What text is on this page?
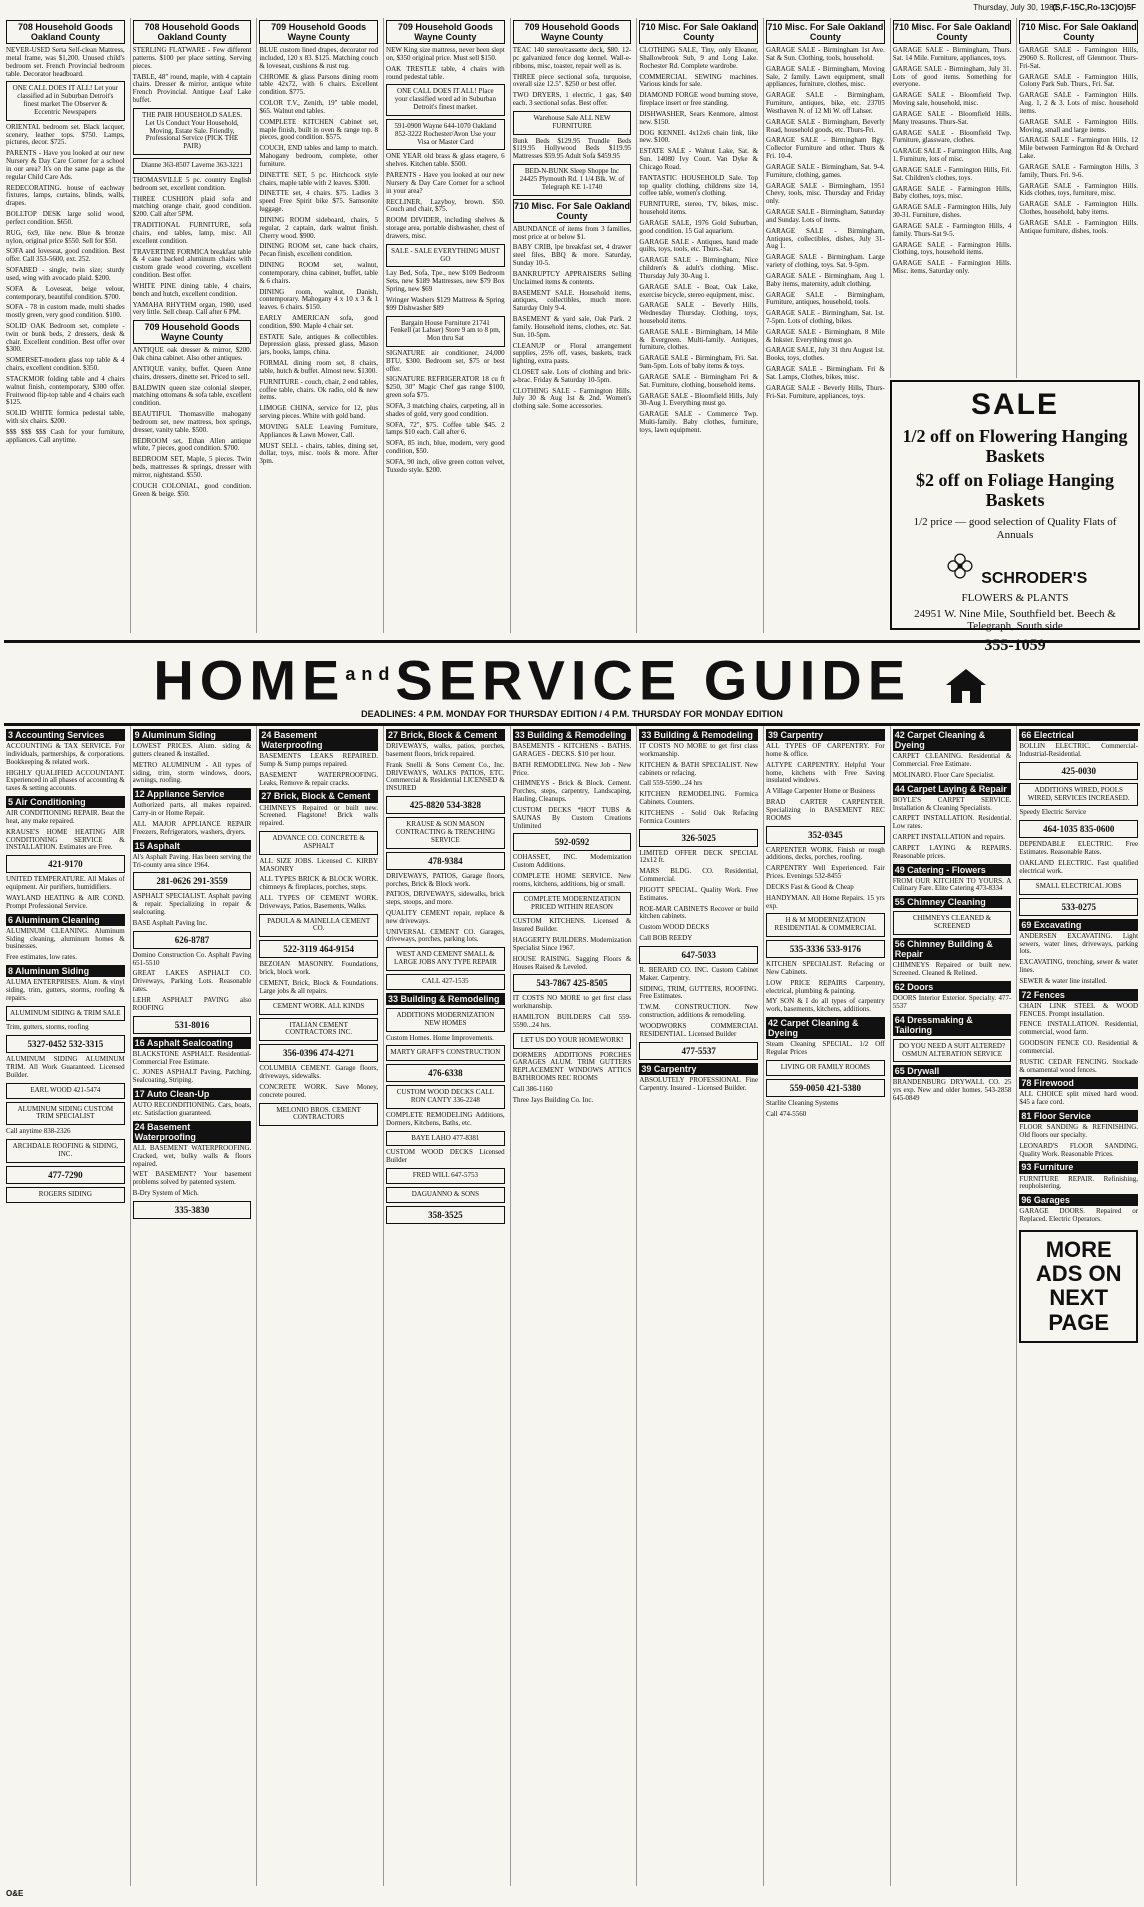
Thursday, July 30, 1981
(S,F-15C,Ro-13C)O)5F
708 Household Goods Oakland County
NEVER-USED Serta Self-clean Mattress, metal frame, was $1,200. Unused child's bedroom set. French Provincial bedroom table. Decorator headboard.
ONE CALL DOES IT ALL! Let your classified ad in Suburban Detroit's finest market The Observer & Eccentric Newspapers
ORIENTAL bedroom set. Black lacquer, scenery, leather tops. $750. Lamps, pictures, decor. $725.
PARENTS - Have you looked at our new Nursery & Day Care Corner for a school in our area? It's on the same page as the regular Child Care Ads.
REDECORATING. house of eachway fixtures, lamps, curtains, blinds, walls, drapes.
BOLLTOP DESK large solid wood, perfect condition. $650.
RUG, 6x9, like new. Blue & bronze nylon, original price $550. Sell for $50.
SOFA and loveseat, good condition. Best offer. Call 353-5600, ext. 252.
SOFABED - single, twin size; sturdy used, wing with avocado plaid. $200.
SOFA & Loveseat, beige velour, contemporary, beautiful condition. $700.
SOFA - 78 in custom made, multi shades mostly green, very good condition. $100.
SOLID OAK Bedroom set, complete - twin or bunk beds, 2 dressers, desk & chair. Excellent condition. Best offer over $300.
SOMERSET-modern glass top table & 4 chairs, excellent condition. $350.
STACKMOR folding table and 4 chairs walnut finish, contemporary, $300 offer. Fruitwood flip-top table and 4 chairs each $125.
SOLID WHITE formica pedestal table, with six chairs. $200.
$$$ $$$ $$$ Cash for your furniture, appliances. Call anytime.
708 Household Goods Oakland County
STERLING FLATWARE - Few different patterns. $100 per place setting. Serving pieces.
TABLE, 48" round, maple, with 4 captain chairs. Dresser & mirror, antique white French Provincial. Antique Leaf Lake buffet.
THE PAIR HOUSEHOLD SALES. Let Us Conduct Your Household, Moving, Estate Sale. Friendly, Professional Service (PICK THE PAIR)
Dianne 363-8507 Laverne 363-3221
THOMASVILLE 5 pc. country English bedroom set, excellent condition.
THREE CUSHION plaid sofa and matching orange chair, good condition. $200. Call after 5PM.
TRADITIONAL FURNITURE, sofa chairs, end tables, lamp, misc. All excellent condition.
TRAVERTINE FORMICA breakfast table & 4 cane backed aluminum chairs with custom grade wood covering, excellent condition. Best offer.
WHITE PINE dining table, 4 chairs, bench and hutch, excellent condition.
YAMAHA RHYTHM organ, 1980, used very little. Sell cheap. Call after 6 PM.
709 Household Goods Wayne County
ANTIQUE oak dresser & mirror, $200. Oak china cabinet. Also other antiques.
ANTIQUE vanity, buffet. Queen Anne chairs, dressers, dinette set. Priced to sell.
BALDWIN queen size colonial sleeper, matching ottomans & sofa table, excellent condition.
BEAUTIFUL Thomasville mahogany bedroom set, new mattress, box springs, dresser, vanity table. $500.
BEDROOM set, Ethan Allen antique white, 7 pieces, good condition. $700.
BEDROOM SET, Maple, 5 pieces. Twin beds, mattresses & springs, dresser with mirror, nightstand. $550.
COUCH COLONIAL, good condition. Green & beige. $50.
709 Household Goods Wayne County
BLUE custom lined drapes, decorator rod included, 120 x 83. $125. Matching couch & loveseat, cushions & rust rug.
CHROME & glass Parsons dining room table 42x72, with 6 chairs. Excellent condition. $775.
COLOR T.V., Zenith, 19" table model, $65. Walnut end tables.
COMPLETE KITCHEN Cabinet set, maple finish, built in oven & range top. 8 pieces, good condition. $575.
COUCH, END tables and lamp to match. Mahogany bedroom, complete, other furniture.
DINETTE SET, 5 pc. Hitchcock style chairs, maple table with 2 leaves. $300.
DINETTE set, 4 chairs. $75. Ladies 3 speed Free Spirit bike $75. Samsonite luggage.
DINING ROOM sideboard, chairs, 5 regular, 2 captain, dark walnut finish. Cherry wood. $900.
DINING ROOM set, cane back chairs, Pecan finish, excellent condition.
DINING ROOM set, walnut, contemporary, china cabinet, buffet, table & 6 chairs.
DINING room, walnut, Danish, contemporary. Mahogany 4 x 10 x 3 & 1 leaves. 6 chairs. $150.
EARLY AMERICAN sofa, good condition, $90. Maple 4 chair set.
ESTATE Sale, antiques & collectibles. Depression glass, pressed glass, Mason jars, books, lamps, china.
FORMAL dining room set, 8 chairs, table, hutch & buffet. Almost new. $1300.
FURNITURE - couch, chair, 2 end tables, coffee table, chairs. Ok radio, old & new items.
LIMOGE CHINA, service for 12, plus serving pieces. White with gold band.
MOVING SALE Leaving Furniture, Appliances & Lawn Mower, Call.
MUST SELL - chairs, tables, dining set, dollar, toys, misc. tools & more. After 3pm.
709 Household Goods Wayne County
NEW King size mattress, never been slept on, $350 original price. Must sell $150.
OAK TRESTLE table, 4 chairs with round pedestal table.
ONE CALL DOES IT ALL! Place your classified word ad in Suburban Detroit's finest market.
591-0900 Wayne 644-1070 Oakland 852-3222 Rochester/Avon Use your Visa or Master Card
ONE YEAR old brass & glass etagere, 6 shelves. Kitchen table. $500.
PARENTS - Have you looked at our new Nursery & Day Care Corner for a school in your area?
RECLINER, Lazyboy, brown. $50. Couch and chair, $75.
ROOM DIVIDER, including shelves & storage area, portable dishwasher, chest of drawers, misc.
SALE - SALE EVERYTHING MUST GO
Lay Bed, Sofa, Tpe., new $109 Bedroom Sets, new $189 Mattresses, new $79 Box Spring, new $69
Wringer Washers $129 Mattress & Spring $99 Dishwasher $89
Bargain House Furniture 21741 Fenkell (at Lahser) Store 9 am to 8 pm, Mon thru Sat
SIGNATURE air conditioner, 24,000 BTU, $300. Bedroom set, $75 or best offer.
SIGNATURE REFRIGERATOR 18 cu ft $250, 30" Magic Chef gas range $100, green sofa $75.
SOFA, 3 matching chairs, carpeting, all in shades of gold, very good condition.
SOFA, 72", $75. Coffee table $45. 2 lamps $10 each. Call after 6.
SOFA, 85 inch, blue, modern, very good condition, $50.
SOFA, 90 inch, olive green cotton velvet, Tuxedo style. $200.
709 Household Goods Wayne County
TEAC 140 stereo/cassette deck, $80. 12-pc galvanized fence dog kennel. Wall-e-ribbons, misc, toaster, repair well as is.
THREE piece sectional sofa, turquoise, overall size 12.5". $250 or best offer.
TWO DRYERS, 1 electric, 1 gas, $40 each. 3 sectional sofas. Best offer.
Warehouse Sale ALL NEW FURNITURE
Bunk Beds $129.95 Trundle Beds $119.95 Hollywood Beds $119.95 Mattresses $59.95 Adult Sofa $459.95
BED-N-BUNK Sleep Shoppe Inc 24425 Plymouth Rd. 1 1/4 Blk. W. of Telegraph KE 1-1740
710 Misc. For Sale Oakland County
ABUNDANCE of items from 3 families, most price at or below $1.
BABY CRIB, lpe breakfast set, 4 drawer steel files, BBQ & more. Saturday, Sunday 10-5.
BANKRUPTCY APPRAISERS Selling Unclaimed items & contents.
BASEMENT SALE. Household items, antiques, collectibles, much more. Saturday Only 9-4.
BASEMENT & yard sale, Oak Park. 2 family. Household items, clothes, etc. Sat. Sun. 10-5pm.
CLEANUP or Floral arrangement supplies, 25% off, vases, baskets, track lighting, extra pasts.
CLOSET sale. Lots of clothing and bric-a-brac. Friday & Saturday 10-5pm.
CLOTHING SALE - Farmington Hills. July 30 & Aug 1st & 2nd. Women's clothing sale. Some accessories.
710 Misc. For Sale Oakland County
CLOTHING SALE, Tiny, only Eleanor, Shallowbrook Sub, 9 and Long Lake. Rochester Rd. Complete wardrobe.
COMMERCIAL SEWING machines. Various kinds for sale.
DIAMOND FORGE wood burning stove, fireplace insert or free standing.
DISHWASHER, Sears Kenmore, almost new. $150.
DOG KENNEL 4x12x6 chain link, like new. $100.
ESTATE SALE - Walnut Lake, Sat. & Sun. 14080 Ivy Court. Van Dyke & Chicago Road.
FANTASTIC HOUSEHOLD Sale. Top top quality clothing, childrens size 14, coffee table, women's clothing.
FURNITURE, stereo, TV, bikes, misc. household items.
GARAGE SALE, 1976 Gold Suburban, good condition. 15 Gal aquarium.
GARAGE SALE - Antiques, hand made quilts, toys, tools, etc. Thurs.-Sat.
GARAGE SALE - Birmingham, Nice children's & adult's clothing. Misc. Thursday July 30-Aug 1.
GARAGE SALE - Boat, Oak Lake, exercise bicycle, stereo equipment, misc.
GARAGE SALE - Beverly Hills, Wednesday Thursday. Clothing, toys, household items.
GARAGE SALE - Birmingham, 14 Mile & Evergreen. Multi-family. Antiques, furniture, clothes.
GARAGE SALE - Birmingham, Fri. Sat. 9am-5pm. Lots of baby items & toys.
GARAGE SALE - Birmingham Fri & Sat. Furniture, clothing, household items.
GARAGE SALE - Bloomfield Hills, July 30-Aug 1. Everything must go.
GARAGE SALE - Commerce Twp. Multi-family. Baby clothes, furniture, toys, lawn equipment.
710 Misc. For Sale Oakland County
GARAGE SALE - Birmingham 1st Ave. Sat & Sun. Clothing, tools, household.
GARAGE SALE - Birmingham, Moving Sale, 2 family. Lawn equipment, small appliances, furniture, clothes, misc.
GARAGE SALE - Birmingham, Furniture, antiques, bike, etc. 23705 Westhaven N. of 12 Mi W. off Lahser.
GARAGE SALE - Birmingham, Beverly Road, household goods, etc. Thurs-Fri.
GARAGE SALE - Birmingham Bgy. Collector Furniture and other. Thurs & Fri. 10-4.
GARAGE SALE - Birmingham, Sat. 9-4. Furniture, clothing, games.
GARAGE SALE - Birmingham, 1951 Chevy, tools, misc. Thursday and Friday only.
GARAGE SALE - Birmingham, Saturday and Sunday. Lots of items.
GARAGE SALE - Birmingham, Antiques, collectibles, dishes, July 31-Aug 1.
GARAGE SALE - Birmingham. Large variety of clothing, toys. Sat. 9-5pm.
GARAGE SALE - Birmingham, Aug 1. Baby items, maternity, adult clothing.
GARAGE SALE - Birmingham, Furniture, antiques, household, tools.
GARAGE SALE - Birmingham, Sat. 1st. 7-5pm. Lots of clothing, bikes.
GARAGE SALE - Birmingham, 8 Mile & Inkster. Everything must go.
GARAGE SALE, July 31 thru August 1st. Books, toys, clothes.
GARAGE SALE - Birmingham. Fri & Sat. Lamps, Clothes, bikes, misc.
GARAGE SALE - Beverly Hills, Thurs-Fri-Sat. Furniture, appliances, toys.
710 Misc. For Sale Oakland County
GARAGE SALE - Birmingham, Thurs. Sat. 14 Mile. Furniture, appliances, toys.
GARAGE SALE - Birmingham, July 31. Lots of good items. Something for everyone.
GARAGE SALE - Bloomfield Twp. Moving sale, household, misc.
GARAGE SALE - Bloomfield Hills. Many treasures. Thurs-Sat.
GARAGE SALE - Bloomfield Twp. Furniture, glassware, clothes.
GARAGE SALE - Farmington Hills, Aug 1. Furniture, lots of misc.
GARAGE SALE - Farmington Hills, Fri. Sat. Children's clothes, toys.
GARAGE SALE - Farmington Hills, Baby clothes, toys, misc.
GARAGE SALE - Farmington Hills, July 30-31. Furniture, dishes.
GARAGE SALE - Farmington Hills, 4 family. Thurs-Sat 9-5.
GARAGE SALE - Farmington Hills. Clothing, toys, household items.
GARAGE SALE - Farmington Hills. Misc. items, Saturday only.
710 Misc. For Sale Oakland County
GARAGE SALE - Farmington Hills, 29060 S. Rollcrest, off Glenmoor. Thurs-Fri-Sat.
GARAGE SALE - Farmington Hills, Colony Park Sub. Thurs., Fri. Sat.
GARAGE SALE - Farmington Hills. Aug. 1, 2 & 3. Lots of misc. household items.
GARAGE SALE - Farmington Hills. Moving, small and large items.
GARAGE SALE - Farmington Hills. 12 Mile between Farmington Rd & Orchard Lake.
GARAGE SALE - Farmington Hills, 3 family, Thurs. Fri. 9-6.
GARAGE SALE - Farmington Hills. Kids clothes, toys, furniture, misc.
GARAGE SALE - Farmington Hills. Clothes, household, baby items.
GARAGE SALE - Farmington Hills. Antique furniture, dishes, tools.
SALE
1/2 off on Flowering Hanging Baskets
$2 off on Foliage Hanging Baskets
1/2 price — good selection of Quality Flats of Annuals
SCHRODER'S
FLOWERS & PLANTS
24951 W. Nine Mile, Southfield bet. Beech & Telegraph, South side
355-1059
$HOME^{and}SERVICE$ GUIDE
DEADLINES: 4 P.M. MONDAY FOR THURSDAY EDITION / 4 P.M. THURSDAY FOR MONDAY EDITION
3 Accounting Services
ACCOUNTING & TAX SERVICE. For individuals, partnerships, & corporations. Bookkeeping & related work.
HIGHLY QUALIFIED ACCOUNTANT. Experienced in all phases of accounting & taxes & setting accounts.
5 Air Conditioning
AIR CONDITIONING REPAIR. Beat the heat, any make repaired.
KRAUSE'S HOME HEATING AIR CONDITIONING SERVICE & INSTALLATION. Estimates are Free.
421-9170
UNITED TEMPERATURE. All Makes of equipment. Air purifiers, humidifiers.
WAYLAND HEATING & AIR COND. Prompt Professional Service.
6 Aluminum Cleaning
ALUMINUM CLEANING. Aluminum Siding cleaning, aluminum homes & businesses.
Free estimates, low rates.
8 Aluminum Siding
ALUMA ENTERPRISES. Alum. & vinyl siding, trim, gutters, storms, roofing & repairs.
ALUMINUM SIDING & TRIM SALE
Trim, gutters, storms, roofing
5327-0452 532-3315
ALUMINUM SIDING ALUMINUM TRIM. All Work Guaranteed. Licensed Builder.
EARL WOOD 421-5474
ALUMINUM SIDING CUSTOM TRIM SPECIALIST
Call anytime 838-2326
ARCHDALE ROOFING & SIDING, INC.
477-7290
ROGERS SIDING
9 Aluminum Siding
LOWEST PRICES. Alum. siding & gutters cleaned & installed.
METRO ALUMINUM - All types of siding, trim, storm windows, doors, awnings, roofing.
12 Appliance Service
Authorized parts, all makes repaired. Carry-in or Home Repair.
ALL MAJOR APPLIANCE REPAIR Freezers, Refrigerators, washers, dryers.
15 Asphalt
Al's Asphalt Paving. Has been serving the Tri-county area since 1964.
281-0626 291-3559
ASPHALT SPECIALIST. Asphalt paving & repair. Specializing in repair & sealcoating.
BASE Asphalt Paving Inc.
626-8787
Domino Construction Co. Asphalt Paving 651-5510
GREAT LAKES ASPHALT CO. Driveways, Parking Lots. Reasonable rates.
LEHR ASPHALT PAVING also ROOFING
531-8016
16 Asphalt Sealcoating
BLACKSTONE ASPHALT. Residential-Commercial Free Estimate.
C. JONES ASPHALT Paving, Patching, Sealcoating, Striping.
17 Auto Clean-Up
AUTO RECONDITIONING. Cars, boats, etc. Satisfaction guaranteed.
24 Basement Waterproofing
ALL BASEMENT WATERPROOFING. Cracked, wet, bulky walls & floors repaired.
WET BASEMENT? Your basement problems solved by patented system.
B-Dry System of Mich.
335-3830
24 Basement Waterproofing
BASEMENTS LEAKS REPAIRED. Sump & Sump pumps repaired.
BASEMENT WATERPROOFING. Leaks, Remove & repair cracks.
27 Brick, Block & Cement
CHIMNEYS Repaired or built new. Screened. Flagstone! Brick walls repaired.
ADVANCE CO. CONCRETE & ASPHALT
ALL SIZE JOBS. Licensed C. KIRBY MASONRY
ALL TYPES BRICK & BLOCK WORK. chimneys & fireplaces, porches, steps.
ALL TYPES OF CEMENT WORK. Driveways, Patios, Basements, Walks.
PADULA & MAINELLA CEMENT CO.
522-3119 464-9154
BEZOIAN MASONRY. Foundations, brick, block work.
CEMENT, Brick, Block & Foundations. Large jobs & all repairs.
CEMENT WORK. ALL KINDS
ITALIAN CEMENT CONTRACTORS INC.
356-0396 474-4271
COLUMBIA CEMENT. Garage floors, driveways, sidewalks.
CONCRETE WORK. Save Money, concrete poured.
MELONIO BROS. CEMENT CONTRACTORS
27 Brick, Block & Cement
DRIVEWAYS, walks, patios, porches, basement floors, brick repaired.
Frank Snelli & Sons Cement Co., Inc. DRIVEWAYS, WALKS PATIOS, ETC. Commercial & Residential LICENSED & INSURED
425-8820 534-3828
KRAUSE & SON MASON CONTRACTING & TRENCHING SERVICE
478-9384
DRIVEWAYS, PATIOS, Garage floors, porches, Brick & Block work.
PATIOS, DRIVEWAYS, sidewalks, brick steps, stoops, and more.
QUALITY CEMENT repair, replace & new driveways.
UNIVERSAL CEMENT CO. Garages, driveways, porches, parking lots.
WEST AND CEMENT SMALL & LARGE JOBS ANY TYPE REPAIR
CALL 427-1535
33 Building & Remodeling
ADDITIONS MODERNIZATION NEW HOMES
Custom Homes. Home Improvements.
MARTY GRAFF'S CONSTRUCTION
476-6338
CUSTOM WOOD DECKS CALL RON CANTY 336-2248
COMPLETE REMODELING Additions, Dormers, Kitchens, Baths, etc.
BAYE LAHO 477-8381
CUSTOM WOOD DECKS Licensed Builder
FRED WILL 647-5753
DAGUANNO & SONS
358-3525
33 Building & Remodeling
BASEMENTS - KITCHENS - BATHS. GARAGES - DECKS. $10 per hour.
BATH REMODELING. New Job - New Price.
CHIMNEYS - Brick & Block. Cement. Porches, steps, carpentry, Landscaping, Hauling, Cleanups.
CUSTOM DECKS *HOT TUBS & SAUNAS By Custom Creations Unlimited
592-0592
COHASSET, INC. Modernization Custom Additions.
COMPLETE HOME SERVICE. New rooms, kitchens, additions, big or small.
COMPLETE MODERNIZATION PRICED WITHIN REASON
CUSTOM KITCHENS. Licensed & Insured Builder.
HAGGERTY BUILDERS. Modernization Specialist Since 1967.
HOUSE RAISING. Sagging Floors & Houses Raised & Leveled.
543-7867 425-8505
IT COSTS NO MORE to get first class workmanship.
HAMILTON BUILDERS Call 559-5590...24 hrs.
LET US DO YOUR HOMEWORK!
DORMERS ADDITIONS PORCHES GARAGES ALUM. TRIM GUTTERS REPLACEMENT WINDOWS ATTICS BATHROOMS REC ROOMS
Call 386-1160
Three Jays Building Co. Inc.
33 Building & Remodeling
IT COSTS NO MORE to get first class workmanship.
KITCHEN & BATH SPECIALIST. New cabinets or refacing.
Call 559-5590...24 hrs
KITCHEN REMODELING. Formica Cabinets. Counters.
KITCHENS - Solid Oak Refacing Formica Counters
326-5025
LIMITED OFFER DECK SPECIAL 12x12 ft.
MARS BLDG. CO. Residential, Commercial.
PIGOTT SPECIAL. Quality Work. Free Estimates.
ROE-MAR CABINETS Recover or build kitchen cabinets.
Custom WOOD DECKS
Call BOB REEDY
647-5033
R. BERARD CO. INC. Custom Cabinet Maker. Carpentry.
SIDING, TRIM, GUTTERS, ROOFING. Free Estimates.
T.W.M. CONSTRUCTION. New construction, additions & remodeling.
WOODWORKS COMMERCIAL RESIDENTIAL. Licensed Builder
477-5537
39 Carpentry
ABSOLUTELY PROFESSIONAL Fine Carpentry. Insured - Licensed Builder.
39 Carpentry
ALL TYPES OF CARPENTRY. For home & office.
ALTYPE CARPENTRY. Helpful Your home, kitchens with Free Saving insulated windows.
A Village Carpenter Home or Business
BRAD CARTER CARPENTER. Specializing in BASEMENT REC ROOMS
352-0345
CARPENTER WORK. Finish or rough additions, decks, porches, roofing.
CARPENTRY Well Experienced. Fair Prices. Evenings 532-8455
DECKS Fast & Good & Cheap
HANDYMAN. All Home Repairs. 15 yrs exp.
H & M MODERNIZATION RESIDENTIAL & COMMERCIAL
535-3336 533-9176
KITCHEN SPECIALIST. Refacing or New Cabinets.
LOW PRICE REPAIRS Carpentry, electrical, plumbing & painting.
MY SON & I do all types of carpentry work, basements, kitchens, additions.
42 Carpet Cleaning & Dyeing
Steam Cleaning SPECIAL. 1/2 Off Regular Prices
LIVING OR FAMILY ROOMS
559-0050 421-5380
Starlite Cleaning Systems
Call 474-5560
42 Carpet Cleaning & Dyeing
CARPET CLEANING. Residential & Commercial. Free Estimate.
MOLINARO. Floor Care Specialist.
44 Carpet Laying & Repair
BOYLE'S CARPET SERVICE. Installation & Cleaning Specialists.
CARPET INSTALLATION. Residential. Low rates.
CARPET INSTALLATION and repairs.
CARPET LAYING & REPAIRS. Reasonable prices.
49 Catering - Flowers
FROM OUR KITCHEN TO YOURS. A Culinary Fare. Elite Catering 473-8334
55 Chimney Cleaning
CHIMNEYS CLEANED & SCREENED
56 Chimney Building & Repair
CHIMNEYS Repaired or built new. Screened. Cleaned & Relined.
62 Doors
DOORS Interior Exterior. Specialty. 477-5537
64 Dressmaking & Tailoring
DO YOU NEED A SUIT ALTERED? OSMUN ALTERATION SERVICE
65 Drywall
BRANDENBURG DRYWALL CO. 25 yrs exp. New and older homes. 543-2858 645-0849
66 Electrical
BOLLIN ELECTRIC. Commercial-Industrial-Residential.
425-0030
ADDITIONS WIRED, POOLS WIRED, SERVICES INCREASED.
Speedy Electric Service
464-1035 835-0600
DEPENDABLE ELECTRIC. Free Estimates. Reasonable Rates.
OAKLAND ELECTRIC. Fast qualified electrical work.
SMALL ELECTRICAL JOBS
533-0275
69 Excavating
ANDERSEN EXCAVATING. Light sewers, water lines, driveways, parking lots.
EXCAVATING, trenching, sewer & water lines.
SEWER & water line installed.
72 Fences
CHAIN LINK STEEL & WOOD FENCES. Prompt installation.
FENCE INSTALLATION. Residential, commercial, wood farm.
GOODSON FENCE CO. Residential & commercial.
RUSTIC CEDAR FENCING. Stockade & ornamental wood fences.
78 Firewood
ALL CHOICE split mixed hard wood. $45 a face cord.
81 Floor Service
FLOOR SANDING & REFINISHING. Old floors our specialty.
LEONARD'S FLOOR SANDING. Quality Work. Reasonable Prices.
93 Furniture
FURNITURE REPAIR. Refinishing, reupholstering.
96 Garages
GARAGE DOORS. Repaired or Replaced. Electric Operators.
MORE ADS ON NEXT PAGE
O&E
